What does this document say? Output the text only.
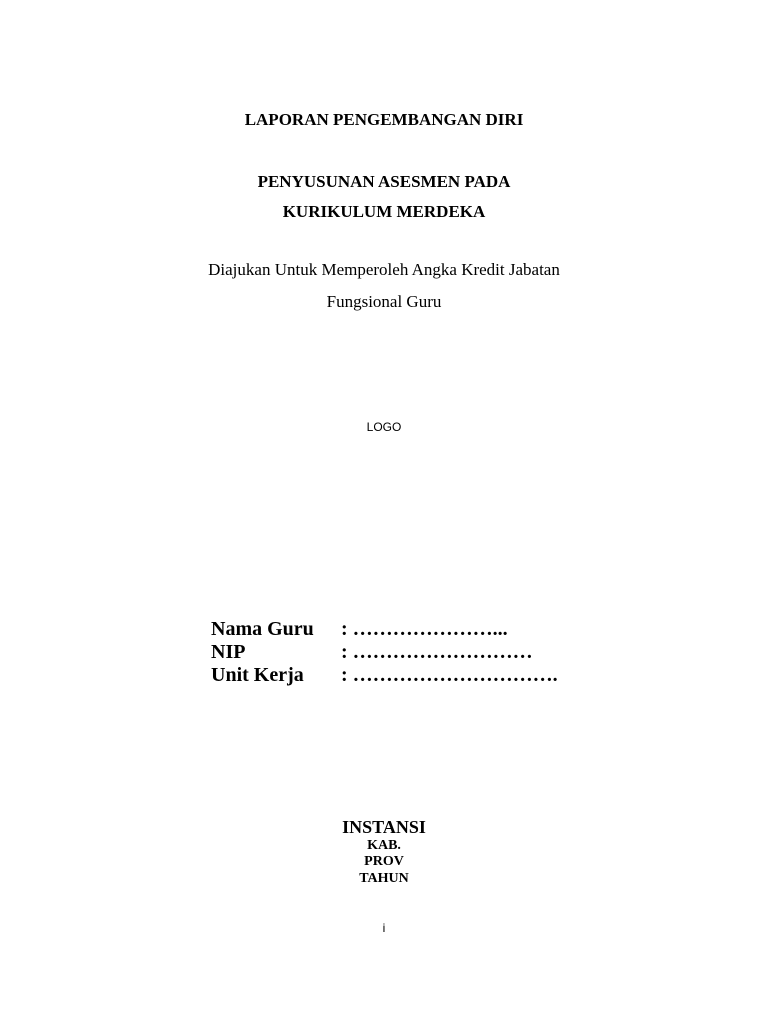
LAPORAN PENGEMBANGAN DIRI
PENYUSUNAN ASESMEN PADA
KURIKULUM MERDEKA
Diajukan Untuk Memperoleh Angka Kredit Jabatan
Fungsional Guru
LOGO
Nama Guru : …………………...
NIP	: ………………………
Unit Kerja : ………………………….
INSTANSI
KAB.
PROV
TAHUN
i
